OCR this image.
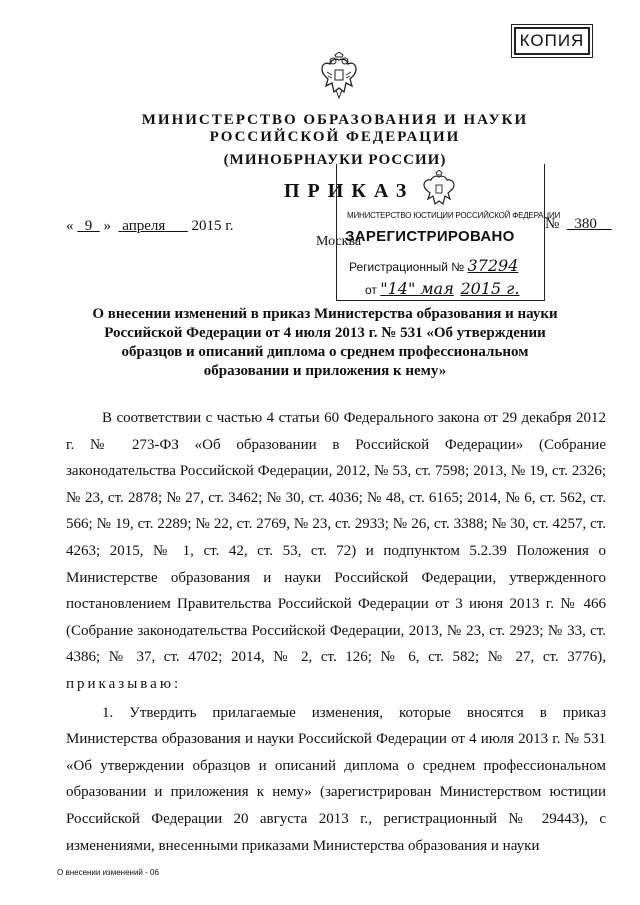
КОПИЯ
МИНИСТЕРСТВО ОБРАЗОВАНИЯ И НАУКИ
РОССИЙСКОЙ ФЕДЕРАЦИИ
(МИНОБРНАУКИ РОССИИ)
ПРИКАЗ
« 9 » апреля 2015 г.	№ 380
Москва
МИНИСТЕРСТВО ЮСТИЦИИ РОССИЙСКОЙ ФЕДЕРАЦИИ
ЗАРЕГИСТРИРОВАНО
Регистрационный № 37294
от "14" мая 2015 г.
О внесении изменений в приказ Министерства образования и науки Российской Федерации от 4 июля 2013 г. № 531 «Об утверждении образцов и описаний диплома о среднем профессиональном образовании и приложения к нему»

В соответствии с частью 4 статьи 60 Федерального закона от 29 декабря 2012 г. № 273-ФЗ «Об образовании в Российской Федерации» (Собрание законодательства Российской Федерации, 2012, № 53, ст. 7598; 2013, № 19, ст. 2326; № 23, ст. 2878; № 27, ст. 3462; № 30, ст. 4036; № 48, ст. 6165; 2014, № 6, ст. 562, ст. 566; № 19, ст. 2289; № 22, ст. 2769, № 23, ст. 2933; № 26, ст. 3388; № 30, ст. 4257, ст. 4263; 2015, № 1, ст. 42, ст. 53, ст. 72) и подпунктом 5.2.39 Положения о Министерстве образования и науки Российской Федерации, утвержденного постановлением Правительства Российской Федерации от 3 июня 2013 г. № 466 (Собрание законодательства Российской Федерации, 2013, № 23, ст. 2923; № 33, ст. 4386; № 37, ст. 4702; 2014, № 2, ст. 126; № 6, ст. 582; № 27, ст. 3776), приказываю:

1. Утвердить прилагаемые изменения, которые вносятся в приказ Министерства образования и науки Российской Федерации от 4 июля 2013 г. № 531 «Об утверждении образцов и описаний диплома о среднем профессиональном образовании и приложения к нему» (зарегистрирован Министерством юстиции Российской Федерации 20 августа 2013 г., регистрационный № 29443), с изменениями, внесенными приказами Министерства образования и науки

О внесении изменений - 06
